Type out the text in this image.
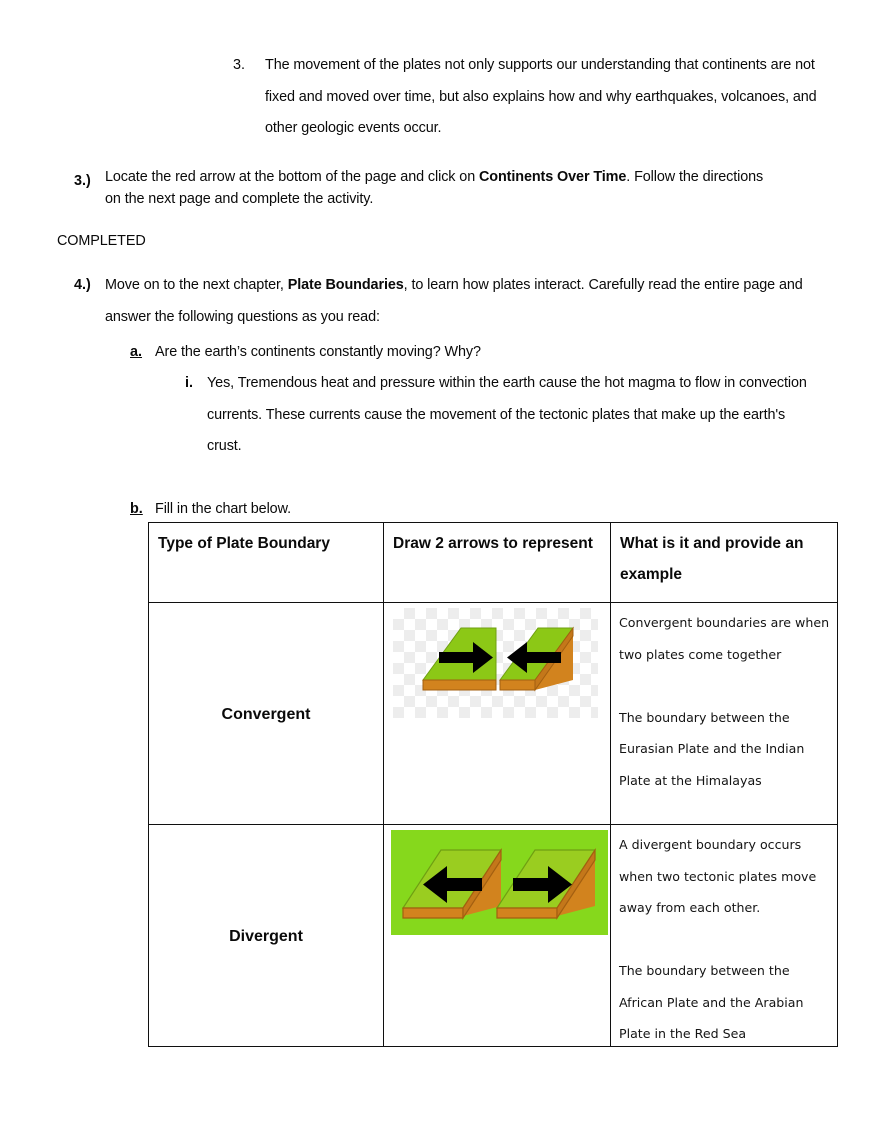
3. The movement of the plates not only supports our understanding that continents are not fixed and moved over time, but also explains how and why earthquakes, volcanoes, and other geologic events occur.
3.) Locate the red arrow at the bottom of the page and click on Continents Over Time. Follow the directions on the next page and complete the activity.
COMPLETED
4.) Move on to the next chapter, Plate Boundaries, to learn how plates interact. Carefully read the entire page and answer the following questions as you read:
a. Are the earth’s continents constantly moving? Why?
i. Yes, Tremendous heat and pressure within the earth cause the hot magma to flow in convection currents. These currents cause the movement of the tectonic plates that make up the earth's crust.
b. Fill in the chart below.
Type of Plate Boundary	Draw 2 arrows to represent	What is it and provide an example

Convergent		Convergent boundaries are when two plates come together

The boundary between the Eurasian Plate and the Indian Plate at the Himalayas

Divergent		A divergent boundary occurs when two tectonic plates move away from each other.

The boundary between the African Plate and the Arabian Plate in the Red Sea
